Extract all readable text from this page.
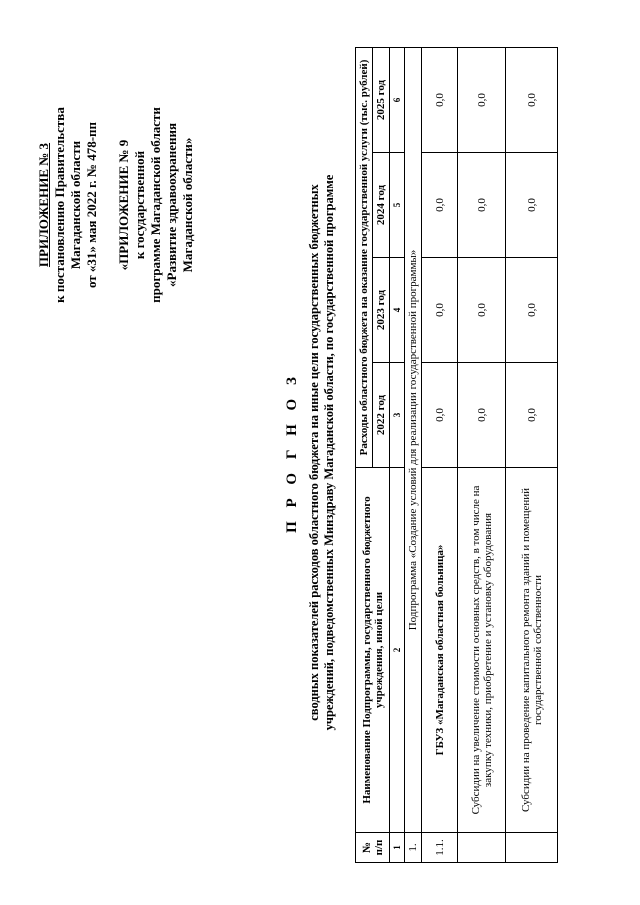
ПРИЛОЖЕНИЕ № 3 к постановлению Правительства Магаданской области от «31» мая 2022 г. № 478-пп «ПРИЛОЖЕНИЕ № 9 к государственной программе Магаданской области «Развитие здравоохранения Магаданской области»
П Р О Г Н О З сводных показателей расходов областного бюджета на иные цели государственных бюджетных учреждений, подведомственных Минздраву Магаданской области, по государственной программе
№ п/п	Наименование Подпрограммы, государственного бюджетного учреждения, иной цели	Расходы областного бюджета на оказание государственной услуги (тыс. рублей)			
		2022 год	2023 год	2024 год	2025 год
1	2	3	4	5	6
1.	Подпрограмма «Создание условий для реализации государственной программы»				
1.1.	ГБУЗ «Магаданская областная больница»	0,0	0,0	0,0	0,0
	Субсидии на увеличение стоимости основных средств, в том числе на закупку техники, приобретение и установку оборудования	0,0	0,0	0,0	0,0
	Субсидии на проведение капитального ремонта зданий и помещений государственной собственности	0,0	0,0	0,0	0,0
